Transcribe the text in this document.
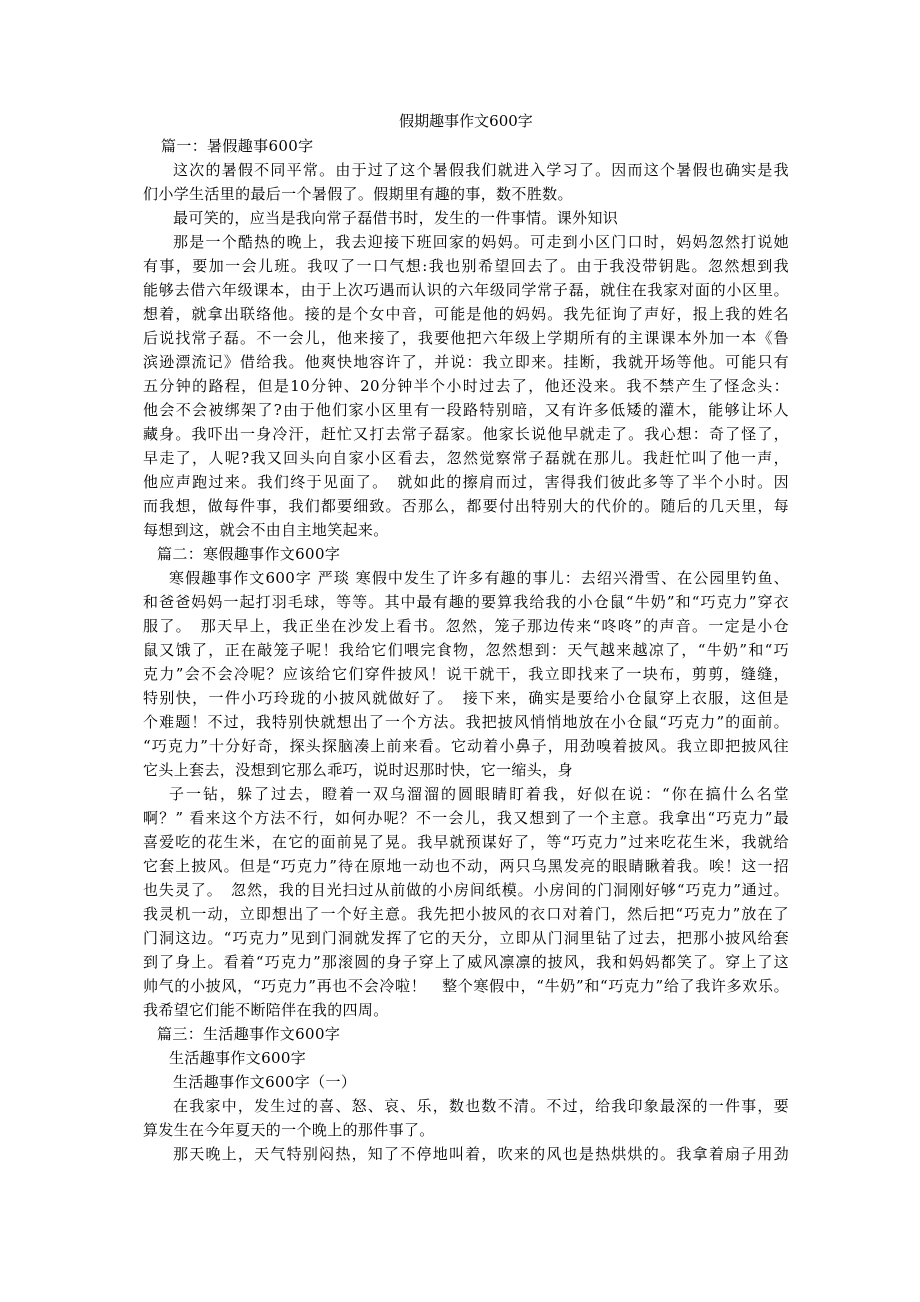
假期趣事作文600字
篇一：暑假趣事600字
这次的暑假不同平常。由于过了这个暑假我们就进入学习了。因而这个暑假也确实是我
们小学生活里的最后一个暑假了。假期里有趣的事，数不胜数。
最可笑的，应当是我向常子磊借书时，发生的一件事情。课外知识
那是一个酷热的晚上，我去迎接下班回家的妈妈。可走到小区门口时，妈妈忽然打说她
有事，要加一会儿班。我叹了一口气想:我也别希望回去了。由于我没带钥匙。忽然想到我
能够去借六年级课本，由于上次巧遇而认识的六年级同学常子磊，就住在我家对面的小区里。
想着，就拿出联络他。接的是个女中音，可能是他的妈妈。我先征询了声好，报上我的姓名
后说找常子磊。不一会儿，他来接了，我要他把六年级上学期所有的主课课本外加一本《鲁
滨逊漂流记》借给我。他爽快地容许了，并说：我立即来。挂断，我就开场等他。可能只有
五分钟的路程，但是10分钟、20分钟半个小时过去了，他还没来。我不禁产生了怪念头：
他会不会被绑架了?由于他们家小区里有一段路特别暗，又有许多低矮的灌木，能够让坏人
藏身。我吓出一身冷汗，赶忙又打去常子磊家。他家长说他早就走了。我心想：奇了怪了，
早走了，人呢?我又回头向自家小区看去，忽然觉察常子磊就在那儿。我赶忙叫了他一声，
他应声跑过来。我们终于见面了。　就如此的擦肩而过，害得我们彼此多等了半个小时。因
而我想，做每件事，我们都要细致。否那么，都要付出特别大的代价的。随后的几天里，每
每想到这，就会不由自主地笑起来。
篇二：寒假趣事作文600字
寒假趣事作文600字 严琰 寒假中发生了许多有趣的事儿：去绍兴滑雪、在公园里钓鱼、
和爸爸妈妈一起打羽毛球，等等。其中最有趣的要算我给我的小仓鼠“牛奶”和“巧克力”穿衣
服了。　那天早上，我正坐在沙发上看书。忽然，笼子那边传来“咚咚”的声音。一定是小仓
鼠又饿了，正在敲笼子呢！我给它们喂完食物，忽然想到：天气越来越凉了，“牛奶”和“巧
克力”会不会冷呢？应该给它们穿件披风！说干就干，我立即找来了一块布，剪剪，缝缝，
特别快，一件小巧玲珑的小披风就做好了。　接下来，确实是要给小仓鼠穿上衣服，这但是
个难题！不过，我特别快就想出了一个方法。我把披风悄悄地放在小仓鼠“巧克力”的面前。
“巧克力”十分好奇，探头探脑凑上前来看。它动着小鼻子，用劲嗅着披风。我立即把披风往
它头上套去，没想到它那么乖巧，说时迟那时快，它一缩头，身
子一钻，躲了过去，瞪着一双乌溜溜的圆眼睛盯着我，好似在说：“你在搞什么名堂
啊？” 看来这个方法不行，如何办呢？不一会儿，我又想到了一个主意。我拿出“巧克力”最
喜爱吃的花生米，在它的面前晃了晃。我早就预谋好了，等“巧克力”过来吃花生米，我就给
它套上披风。但是“巧克力”待在原地一动也不动，两只乌黑发亮的眼睛瞅着我。唉！这一招
也失灵了。　忽然，我的目光扫过从前做的小房间纸模。小房间的门洞刚好够“巧克力”通过。
我灵机一动，立即想出了一个好主意。我先把小披风的衣口对着门，然后把“巧克力”放在了
门洞这边。“巧克力”见到门洞就发挥了它的天分，立即从门洞里钻了过去，把那小披风给套
到了身上。看着“巧克力”那滚圆的身子穿上了威风凛凛的披风，我和妈妈都笑了。穿上了这
帅气的小披风，“巧克力”再也不会冷啦！　整个寒假中，“牛奶”和“巧克力”给了我许多欢乐。
我希望它们能不断陪伴在我的四周。
篇三：生活趣事作文600字
生活趣事作文600字
生活趣事作文600字（一）
在我家中，发生过的喜、怒、哀、乐，数也数不清。不过，给我印象最深的一件事，要
算发生在今年夏天的一个晚上的那件事了。
那天晚上，天气特别闷热，知了不停地叫着，吹来的风也是热烘烘的。我拿着扇子用劲
